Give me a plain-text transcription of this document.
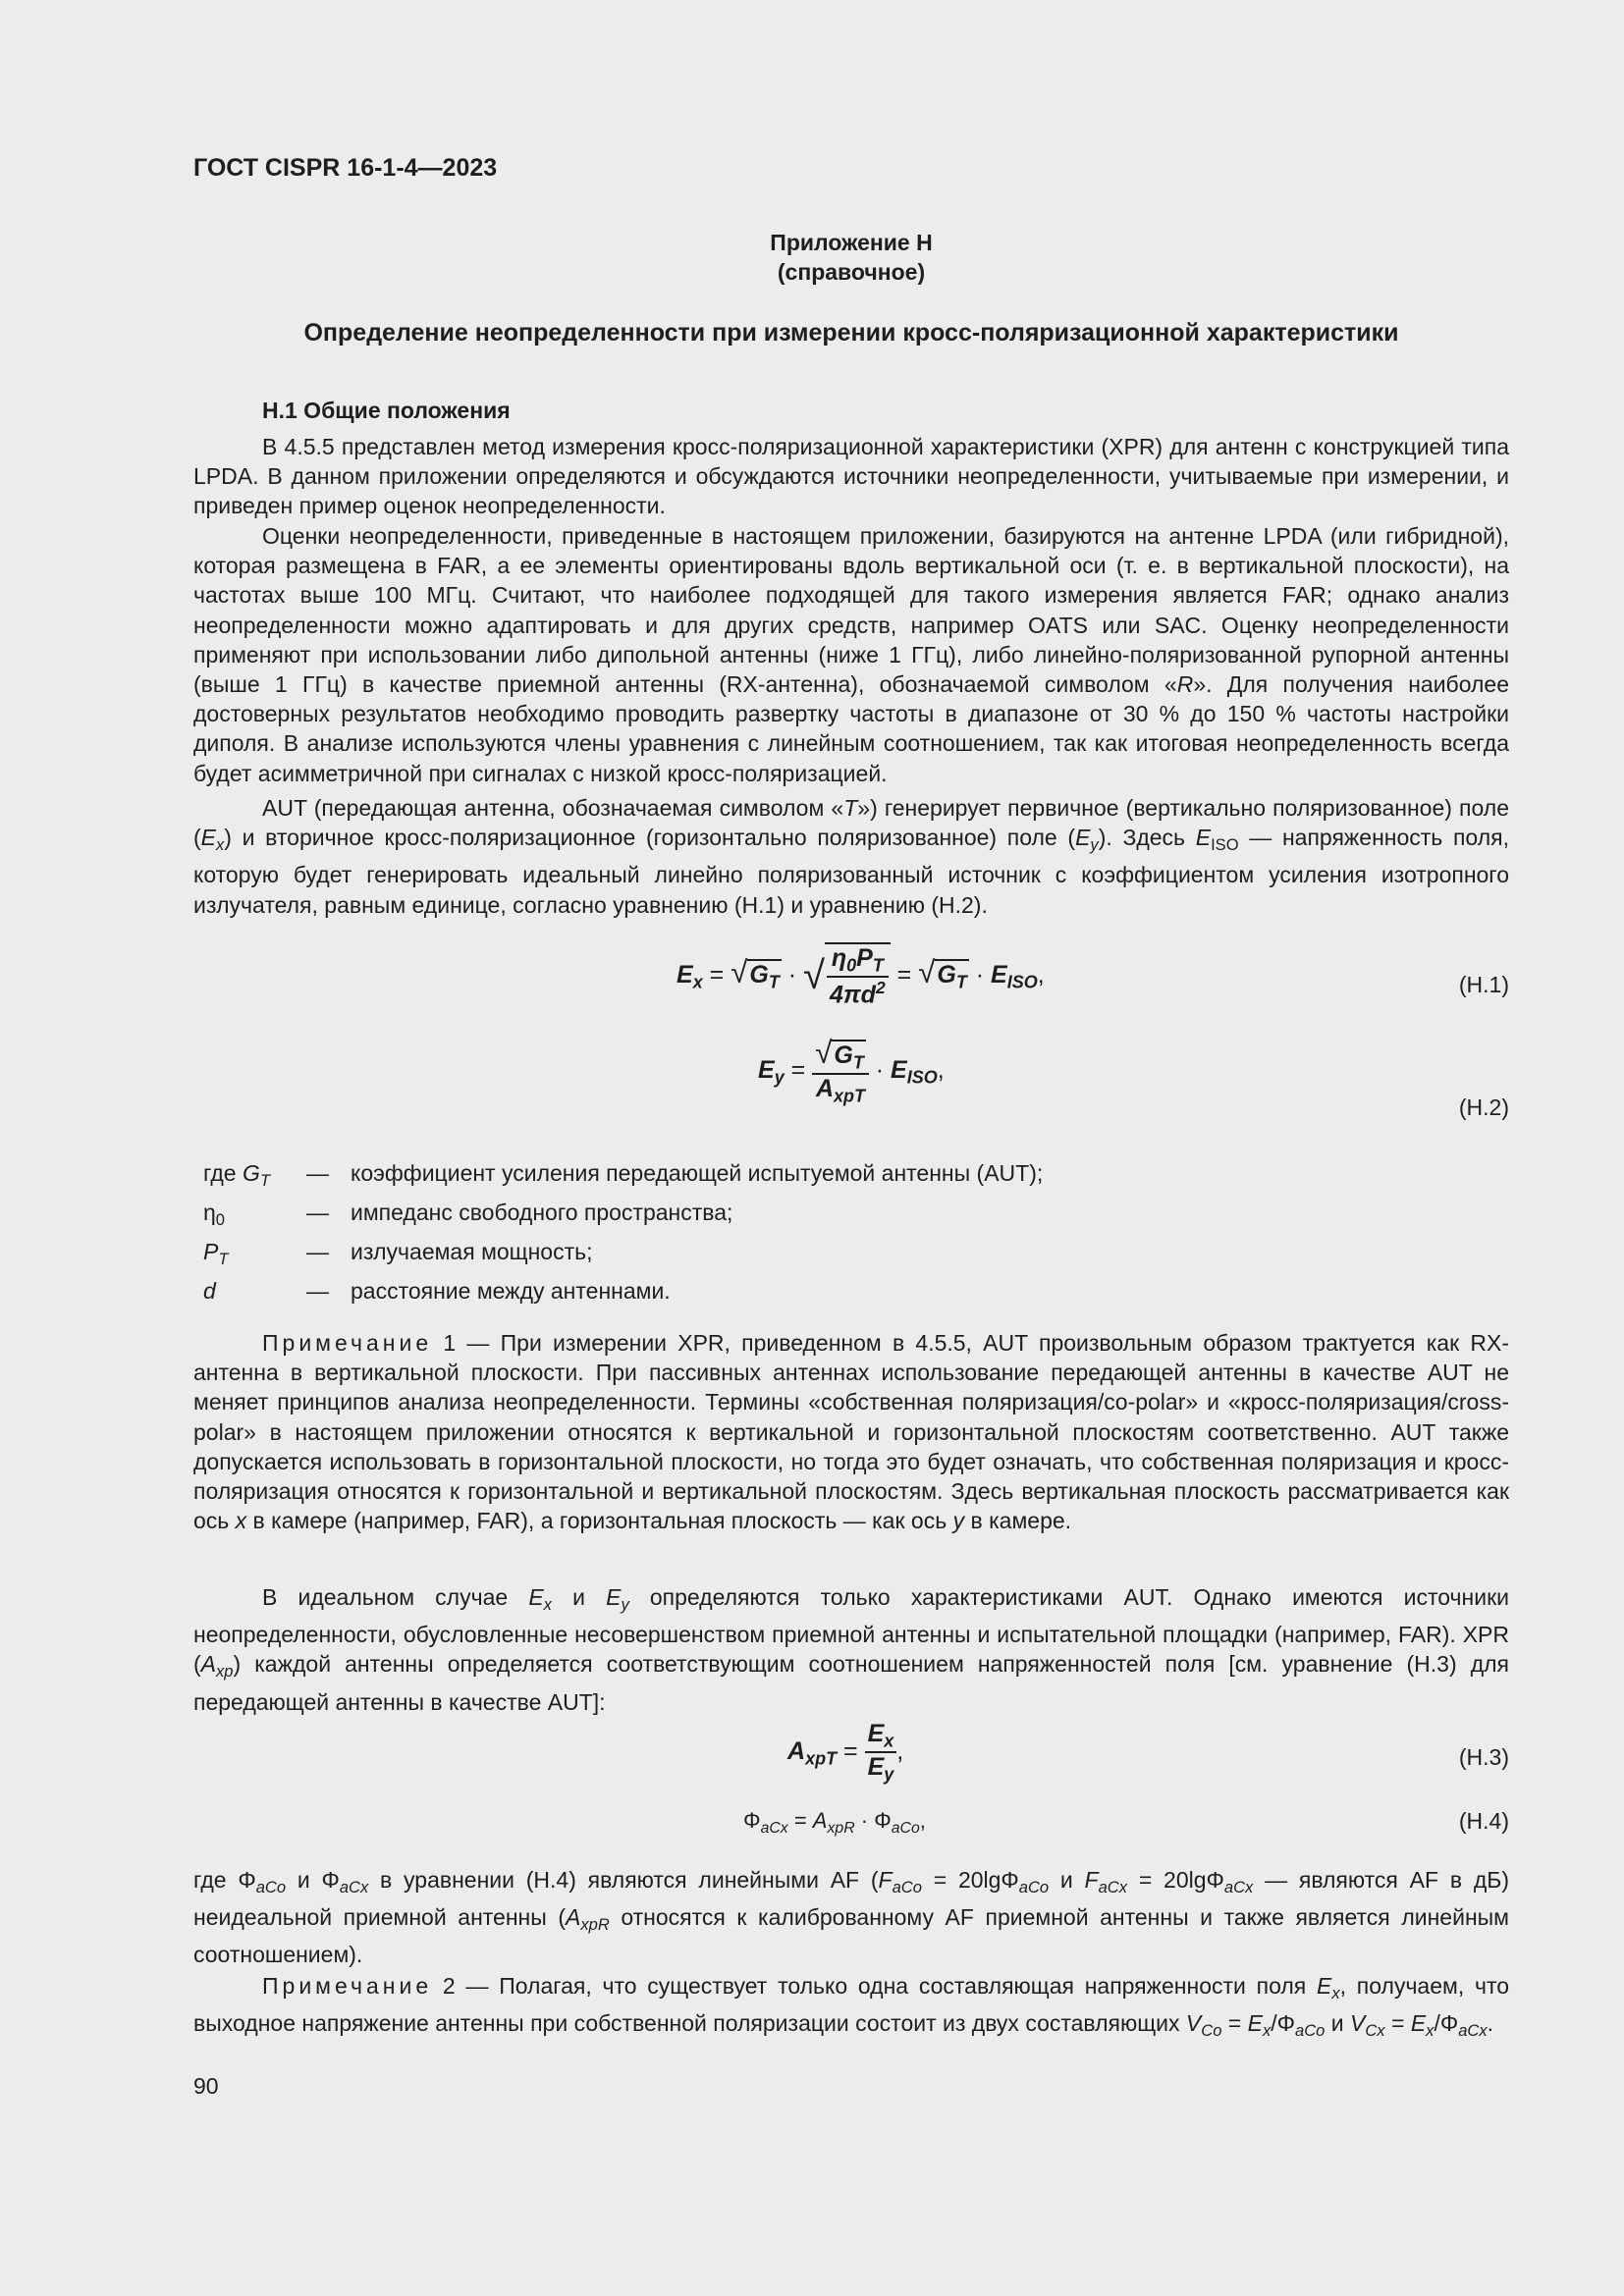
ГОСТ CISPR 16-1-4—2023
Приложение Н
(справочное)
Определение неопределенности при измерении кросс-поляризационной характеристики
Н.1 Общие положения

В 4.5.5 представлен метод измерения кросс-поляризационной характеристики (XPR) для антенн с конструкцией типа LPDA. В данном приложении определяются и обсуждаются источники неопределенности, учитываемые при измерении, и приведен пример оценок неопределенности.

Оценки неопределенности, приведенные в настоящем приложении, базируются на антенне LPDA (или гибридной), которая размещена в FAR, а ее элементы ориентированы вдоль вертикальной оси (т. е. в вертикальной плоскости), на частотах выше 100 МГц. Считают, что наиболее подходящей для такого измерения является FAR; однако анализ неопределенности можно адаптировать и для других средств, например OATS или SAC. Оценку неопределенности применяют при использовании либо дипольной антенны (ниже 1 ГГц), либо линейно-поляризованной рупорной антенны (выше 1 ГГц) в качестве приемной антенны (RX-антенна), обозначаемой символом «R». Для получения наиболее достоверных результатов необходимо проводить развертку частоты в диапазоне от 30 % до 150 % частоты настройки диполя. В анализе используются члены уравнения с линейным соотношением, так как итоговая неопределенность всегда будет асимметричной при сигналах с низкой кросс-поляризацией.

AUT (передающая антенна, обозначаемая символом «T») генерирует первичное (вертикально поляризованное) поле $(E_x)$ и вторичное кросс-поляризационное (горизонтально поляризованное) поле $(E_y)$. Здесь $E_{ISO}$ — напряженность поля, которую будет генерировать идеальный линейно поляризованный источник с коэффициентом усиления изотропного излучателя, равным единице, согласно уравнению (Н.1) и уравнению (Н.2).

$E_x = √G_T$ · √ $\frac{\eta_0P_T}{4\pi d^2} = √G_T \cdot E_{ISO}$,	(Н.1)
$E_y = \frac{√G_T}{A_{xpT}} \cdot E_{ISO}$,
(Н.2)
где $G_T$ — коэффициент усиления передающей испытуемой антенны (AUT);
$\eta_0$	— импеданс свободного пространства;
$P_T$	— излучаемая мощность;
d	— расстояние между антеннами.

Примечание 1 — При измерении XPR, приведенном в 4.5.5, AUT произвольным образом трактуется как RX-антенна в вертикальной плоскости. При пассивных антеннах использование передающей антенны в качестве AUT не меняет принципов анализа неопределенности. Термины «собственная поляризация/co-polar» и «кросс-поляризация/cross-polar» в настоящем приложении относятся к вертикальной и горизонтальной плоскостям соответственно. AUT также допускается использовать в горизонтальной плоскости, но тогда это будет означать, что собственная поляризация и кросс-поляризация относятся к горизонтальной и вертикальной плоскостям. Здесь вертикальная плоскость рассматривается как ось x в камере (например, FAR), а горизонтальная плоскость — как ось y в камере.

В идеальном случае $E_x$ и $E_y$ определяются только характеристиками AUT. Однако имеются источники неопределенности, обусловленные несовершенством приемной антенны и испытательной площадки (например, FAR). XPR $(A_{xp})$ каждой антенны определяется соответствующим соотношением напряженностей поля [см. уравнение (Н.3) для передающей антенны в качестве AUT]:

$A_{xpT} = \frac{E_x}{E_y}$ ,	(Н.3)
$\Phi_{aCx} = A_{xpR} \cdot \Phi_{aCo}$,	(Н.4)

где $\Phi_{aCo}$ и $\Phi_{aCx}$ в уравнении (Н.4) являются линейными AF ($F_{aCo} = 20\lg\Phi_{aCo}$ и $F_{aCx} = 20\lg\Phi_{aCx}$ — являются AF в дБ) неидеальной приемной антенны ($A_{xpR}$ относятся к калиброванному AF приемной антенны и также является линейным соотношением).

Примечание 2 — Полагая, что существует только одна составляющая напряженности поля $E_x$, получаем, что выходное напряжение антенны при собственной поляризации состоит из двух составляющих $V_{Co} = E_x/\Phi_{aCo}$ и $V_{Cx} = E_x/\Phi_{aCx}$.

90
